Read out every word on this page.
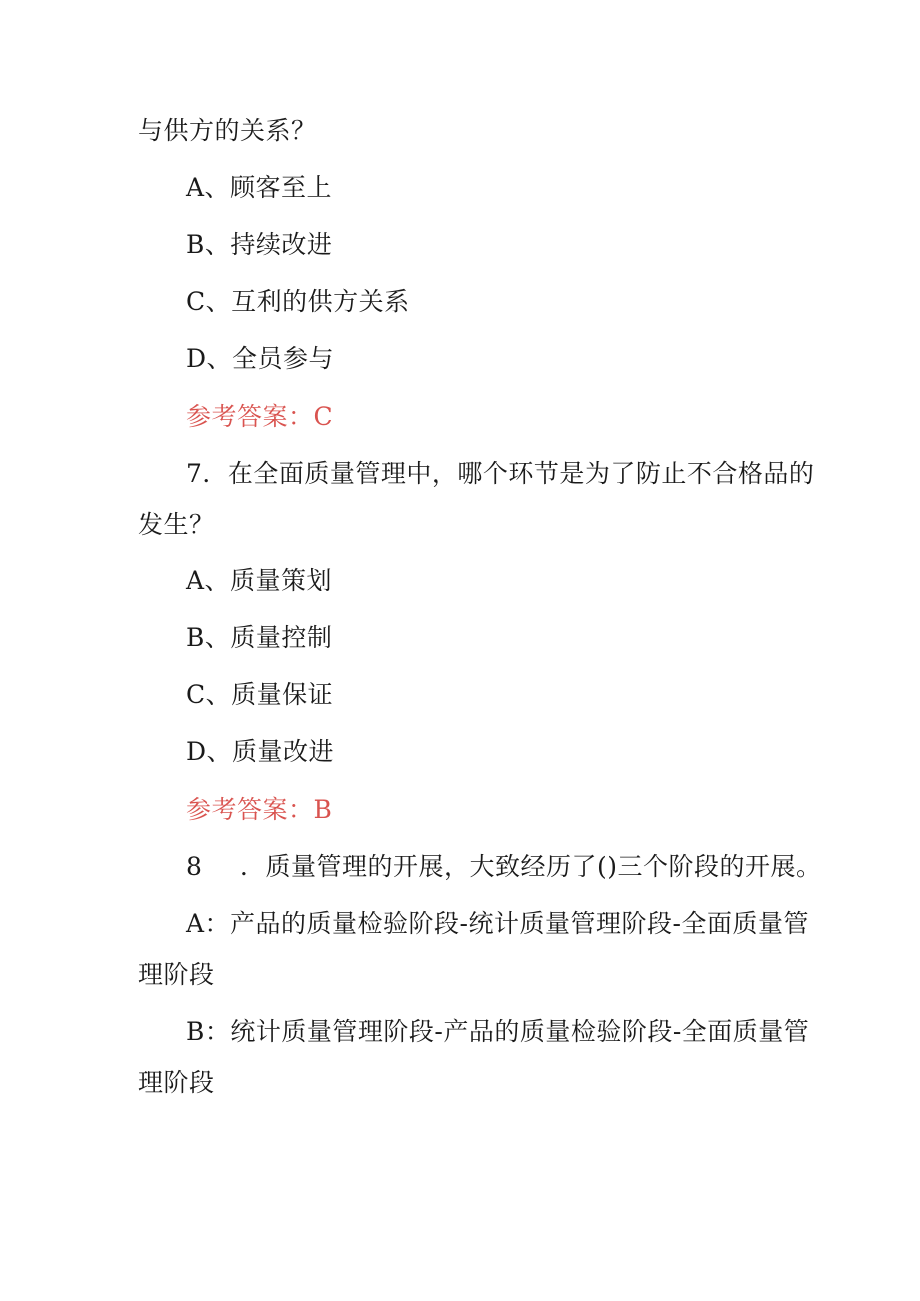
与供方的关系？
A、顾客至上
B、持续改进
C、互利的供方关系
D、全员参与
参考答案：C
7．在全面质量管理中，哪个环节是为了防止不合格品的
发生？
A、质量策划
B、质量控制
C、质量保证
D、质量改进
参考答案：B
8 ．质量管理的开展，大致经历了()三个阶段的开展。
A：产品的质量检验阶段-统计质量管理阶段-全面质量管
理阶段
B：统计质量管理阶段-产品的质量检验阶段-全面质量管
理阶段
